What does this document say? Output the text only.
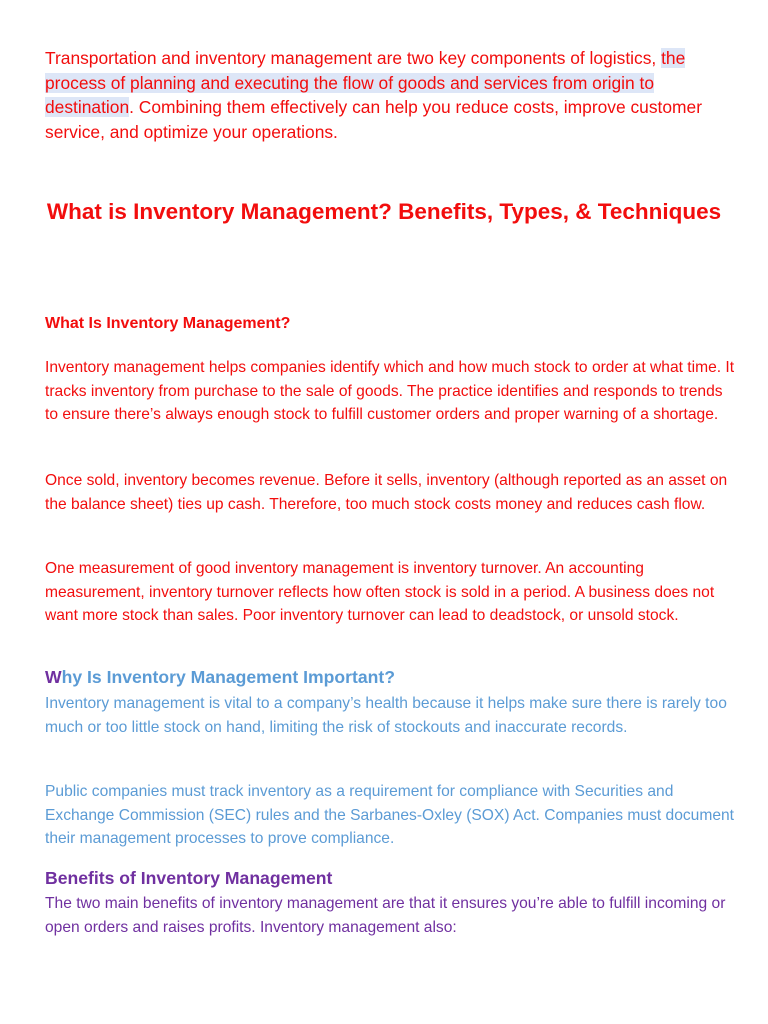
Transportation and inventory management are two key components of logistics, the process of planning and executing the flow of goods and services from origin to destination. Combining them effectively can help you reduce costs, improve customer service, and optimize your operations.

What is Inventory Management? Benefits, Types, & Techniques
What Is Inventory Management?

Inventory management helps companies identify which and how much stock to order at what time. It tracks inventory from purchase to the sale of goods. The practice identifies and responds to trends to ensure there’s always enough stock to fulfill customer orders and proper warning of a shortage.

Once sold, inventory becomes revenue. Before it sells, inventory (although reported as an asset on the balance sheet) ties up cash. Therefore, too much stock costs money and reduces cash flow.

One measurement of good inventory management is inventory turnover. An accounting measurement, inventory turnover reflects how often stock is sold in a period. A business does not want more stock than sales. Poor inventory turnover can lead to deadstock, or unsold stock.

Why Is Inventory Management Important?

Inventory management is vital to a company’s health because it helps make sure there is rarely too much or too little stock on hand, limiting the risk of stockouts and inaccurate records.

Public companies must track inventory as a requirement for compliance with Securities and Exchange Commission (SEC) rules and the Sarbanes-Oxley (SOX) Act. Companies must document their management processes to prove compliance.

Benefits of Inventory Management

The two main benefits of inventory management are that it ensures you’re able to fulfill incoming or open orders and raises profits. Inventory management also:
